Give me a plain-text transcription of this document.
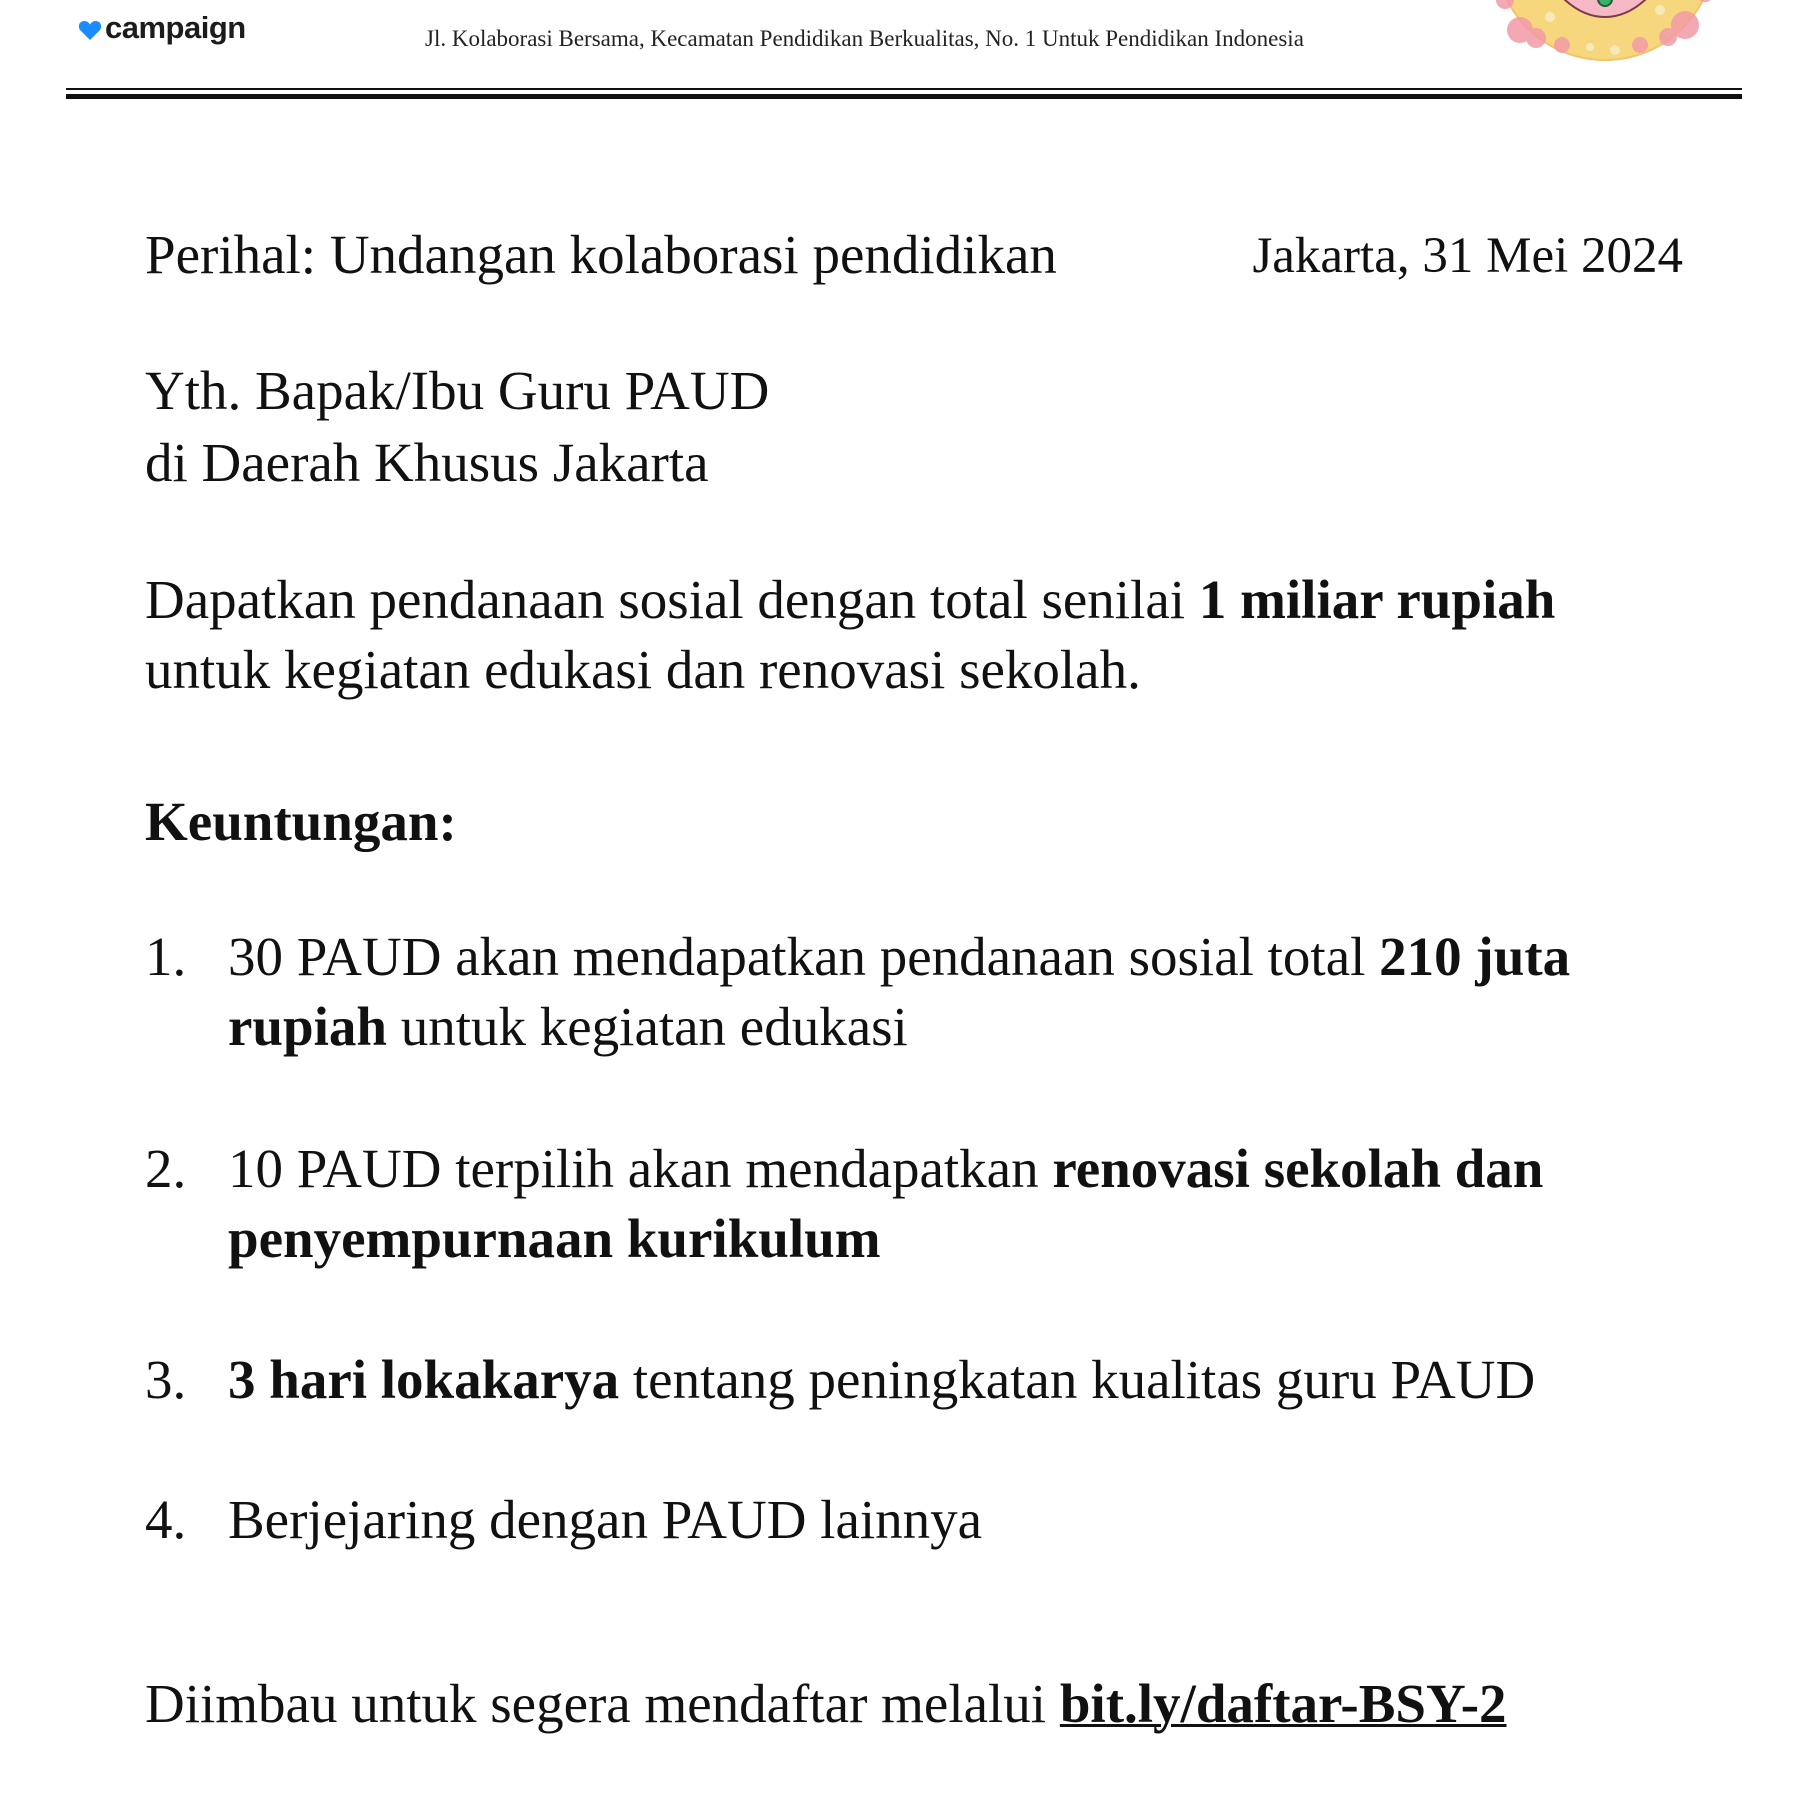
campaign	Jl. Kolaborasi Bersama, Kecamatan Pendidikan Berkualitas, No. 1 Untuk Pendidikan Indonesia
Perihal: Undangan kolaborasi pendidikan	Jakarta, 31 Mei 2024
Yth. Bapak/Ibu Guru PAUD
di Daerah Khusus Jakarta
Dapatkan pendanaan sosial dengan total senilai 1 miliar rupiah untuk kegiatan edukasi dan renovasi sekolah.
Keuntungan:
1. 30 PAUD akan mendapatkan pendanaan sosial total 210 juta rupiah untuk kegiatan edukasi
2. 10 PAUD terpilih akan mendapatkan renovasi sekolah dan penyempurnaan kurikulum
3. 3 hari lokakarya tentang peningkatan kualitas guru PAUD
4. Berjejaring dengan PAUD lainnya
Diimbau untuk segera mendaftar melalui bit.ly/daftar-BSY-2
